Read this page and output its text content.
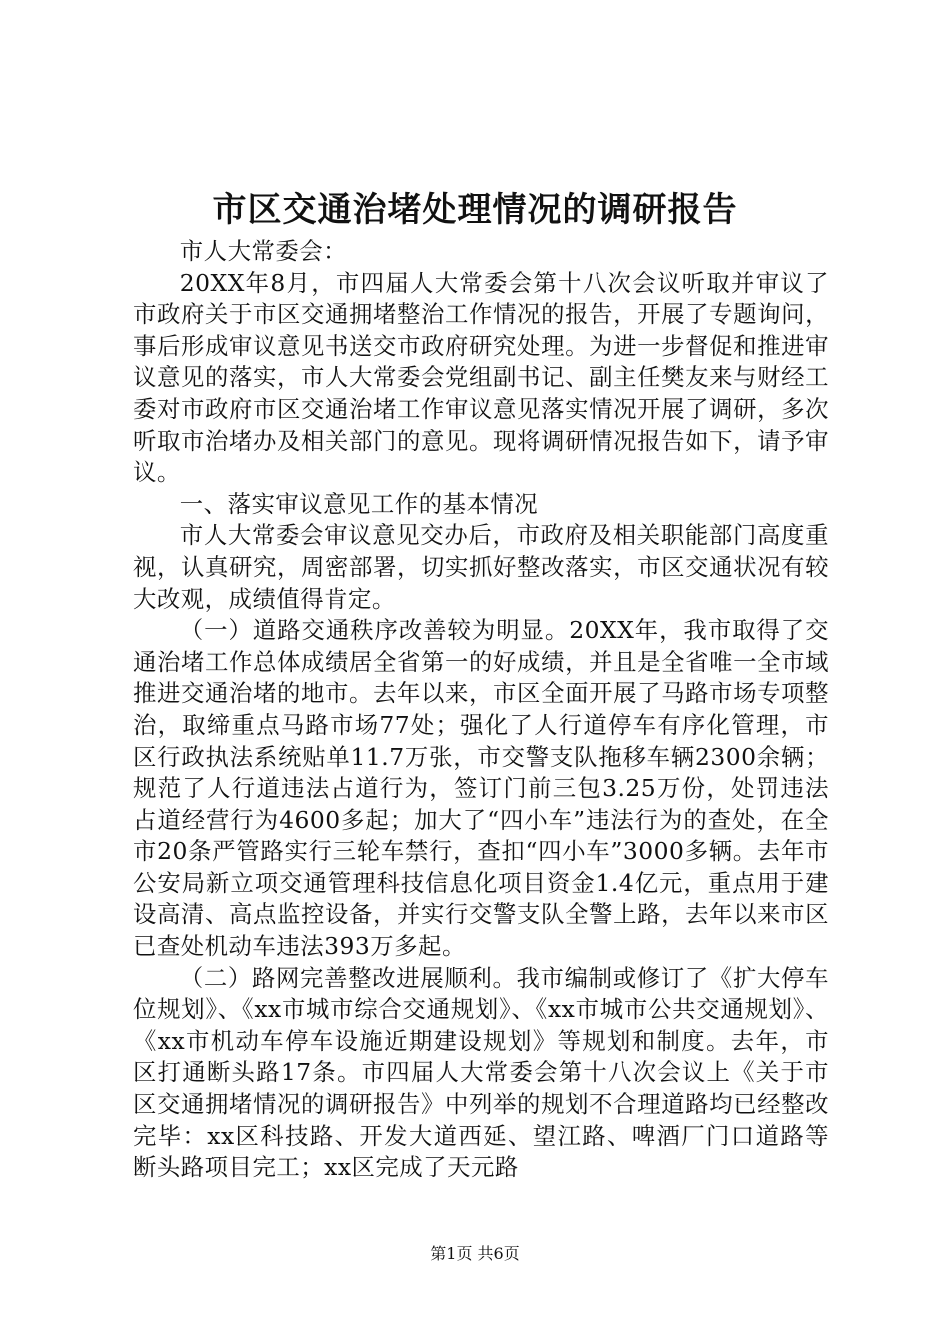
市区交通治堵处理情况的调研报告

市人大常委会：

20XX年8月，市四届人大常委会第十八次会议听取并审议了市政府关于市区交通拥堵整治工作情况的报告，开展了专题询问，事后形成审议意见书送交市政府研究处理。为进一步督促和推进审议意见的落实，市人大常委会党组副书记、副主任樊友来与财经工委对市政府市区交通治堵工作审议意见落实情况开展了调研，多次听取市治堵办及相关部门的意见。现将调研情况报告如下，请予审议。

一、落实审议意见工作的基本情况

市人大常委会审议意见交办后，市政府及相关职能部门高度重视，认真研究，周密部署，切实抓好整改落实，市区交通状况有较大改观，成绩值得肯定。

（一）道路交通秩序改善较为明显。20XX年，我市取得了交通治堵工作总体成绩居全省第一的好成绩，并且是全省唯一全市域推进交通治堵的地市。去年以来，市区全面开展了马路市场专项整治，取缔重点马路市场77处；强化了人行道停车有序化管理，市区行政执法系统贴单11.7万张，市交警支队拖移车辆2300余辆；规范了人行道违法占道行为，签订门前三包3.25万份，处罚违法占道经营行为4600多起；加大了“四小车”违法行为的查处，在全市20条严管路实行三轮车禁行，查扣“四小车”3000多辆。去年市公安局新立项交通管理科技信息化项目资金1.4亿元，重点用于建设高清、高点监控设备，并实行交警支队全警上路，去年以来市区已查处机动车违法393万多起。

（二）路网完善整改进展顺利。我市编制或修订了《扩大停车位规划》、《xx市城市综合交通规划》、《xx市城市公共交通规划》、《xx市机动车停车设施近期建设规划》等规划和制度。去年，市区打通断头路17条。市四届人大常委会第十八次会议上《关于市区交通拥堵情况的调研报告》中列举的规划不合理道路均已经整改完毕：xx区科技路、开发大道西延、望江路、啤酒厂门口道路等断头路项目完工；xx区完成了天元路

第1页 共6页
